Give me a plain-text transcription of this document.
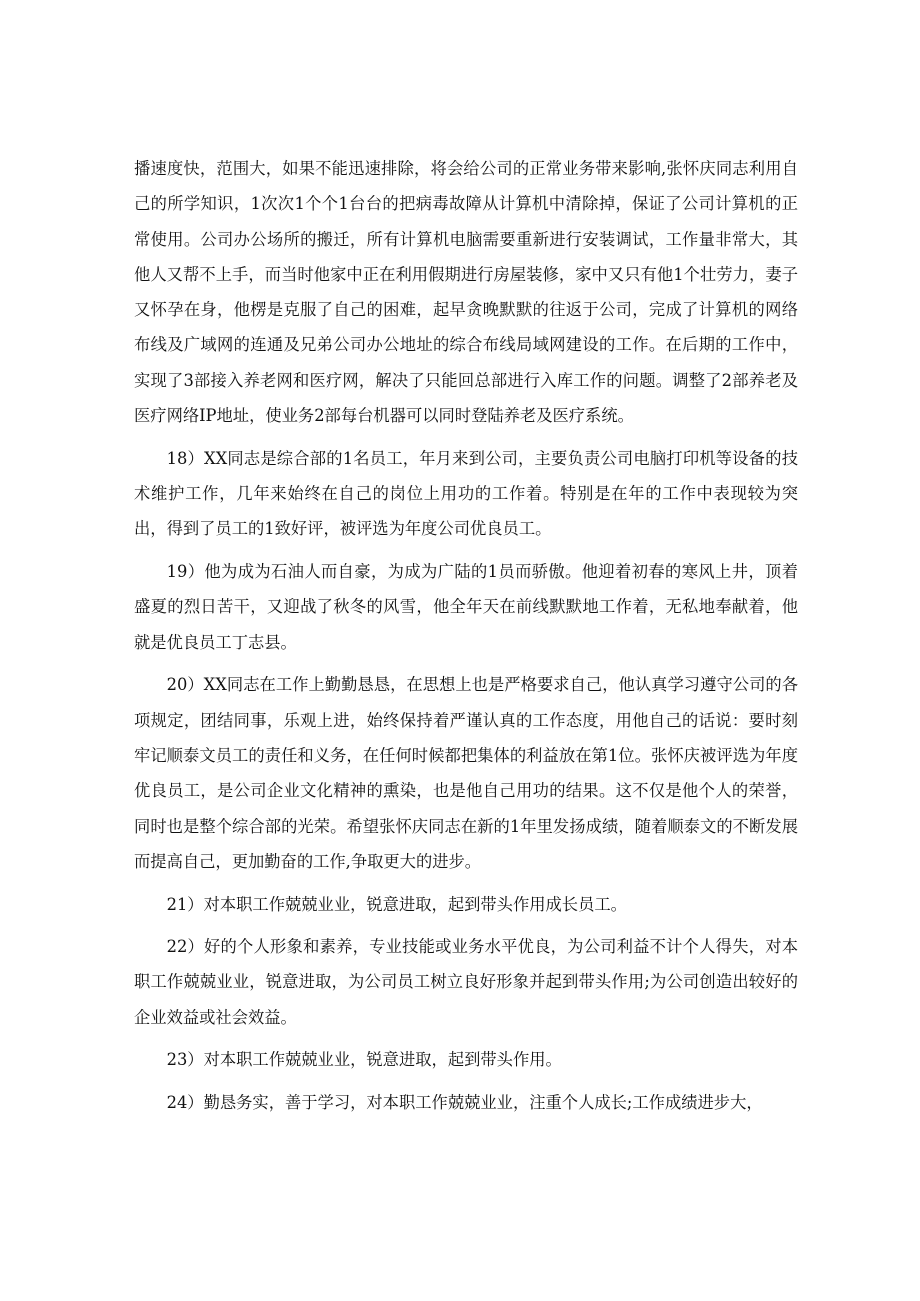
播速度快，范围大，如果不能迅速排除，将会给公司的正常业务带来影响,张怀庆同志利用自己的所学知识，1次次1个个1台台的把病毒故障从计算机中清除掉，保证了公司计算机的正常使用。公司办公场所的搬迁，所有计算机电脑需要重新进行安装调试，工作量非常大，其他人又帮不上手，而当时他家中正在利用假期进行房屋装修，家中又只有他1个壮劳力，妻子又怀孕在身，他楞是克服了自己的困难，起早贪晚默默的往返于公司，完成了计算机的网络布线及广域网的连通及兄弟公司办公地址的综合布线局域网建设的工作。在后期的工作中，实现了3部接入养老网和医疗网，解决了只能回总部进行入库工作的问题。调整了2部养老及医疗网络IP地址，使业务2部每台机器可以同时登陆养老及医疗系统。

18）XX同志是综合部的1名员工，年月来到公司，主要负责公司电脑打印机等设备的技术维护工作，几年来始终在自己的岗位上用功的工作着。特别是在年的工作中表现较为突出，得到了员工的1致好评，被评选为年度公司优良员工。

19）他为成为石油人而自豪，为成为广陆的1员而骄傲。他迎着初春的寒风上井，顶着盛夏的烈日苦干，又迎战了秋冬的风雪，他全年天在前线默默地工作着，无私地奉献着，他就是优良员工丁志县。

20）XX同志在工作上勤勤恳恳，在思想上也是严格要求自己，他认真学习遵守公司的各项规定，团结同事，乐观上进，始终保持着严谨认真的工作态度，用他自己的话说：要时刻牢记顺泰文员工的责任和义务，在任何时候都把集体的利益放在第1位。张怀庆被评选为年度优良员工，是公司企业文化精神的熏染，也是他自己用功的结果。这不仅是他个人的荣誉，同时也是整个综合部的光荣。希望张怀庆同志在新的1年里发扬成绩，随着顺泰文的不断发展而提高自己，更加勤奋的工作,争取更大的进步。

21）对本职工作兢兢业业，锐意进取，起到带头作用成长员工。

22）好的个人形象和素养，专业技能或业务水平优良，为公司利益不计个人得失，对本职工作兢兢业业，锐意进取，为公司员工树立良好形象并起到带头作用;为公司创造出较好的企业效益或社会效益。

23）对本职工作兢兢业业，锐意进取，起到带头作用。

24）勤恳务实，善于学习，对本职工作兢兢业业，注重个人成长;工作成绩进步大，
